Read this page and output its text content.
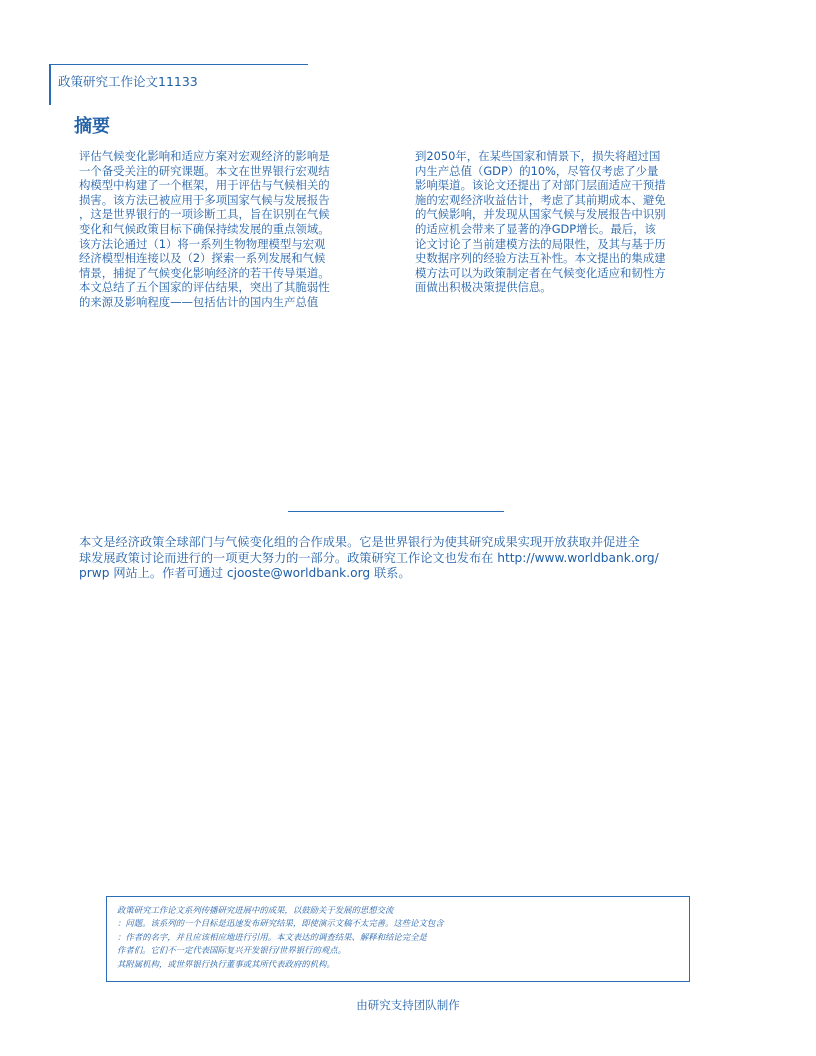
政策研究工作论文11133
摘要
评估气候变化影响和适应方案对宏观经济的影响是
一个备受关注的研究课题。本文在世界银行宏观结
构模型中构建了一个框架，用于评估与气候相关的
损害。该方法已被应用于多项国家气候与发展报告
，这是世界银行的一项诊断工具，旨在识别在气候
变化和气候政策目标下确保持续发展的重点领域。
该方法论通过（1）将一系列生物物理模型与宏观
经济模型相连接以及（2）探索一系列发展和气候
情景，捕捉了气候变化影响经济的若干传导渠道。
本文总结了五个国家的评估结果，突出了其脆弱性
的来源及影响程度——包括估计的国内生产总值
到2050年，在某些国家和情景下，损失将超过国
内生产总值（GDP）的10%，尽管仅考虑了少量
影响渠道。该论文还提出了对部门层面适应干预措
施的宏观经济收益估计，考虑了其前期成本、避免
的气候影响，并发现从国家气候与发展报告中识别
的适应机会带来了显著的净GDP增长。最后，该
论文讨论了当前建模方法的局限性，及其与基于历
史数据序列的经验方法互补性。本文提出的集成建
模方法可以为政策制定者在气候变化适应和韧性方
面做出积极决策提供信息。
本文是经济政策全球部门与气候变化组的合作成果。它是世界银行为使其研究成果实现开放获取并促进全
球发展政策讨论而进行的一项更大努力的一部分。政策研究工作论文也发布在 http://www.worldbank.org/
prwp 网站上。作者可通过 cjooste@worldbank.org 联系。
政策研究工作论文系列传播研究进展中的成果，以鼓励关于发展的思想交流
：问题。该系列的一个目标是迅速发布研究结果，即使演示文稿不太完善。这些论文包含
：作者的名字，并且应该相应地进行引用。本文表达的调查结果、解释和结论完全是
作者们。它们不一定代表国际复兴开发银行/世界银行的观点。
其附属机构，或世界银行执行董事或其所代表政府的机构。
由研究支持团队制作
